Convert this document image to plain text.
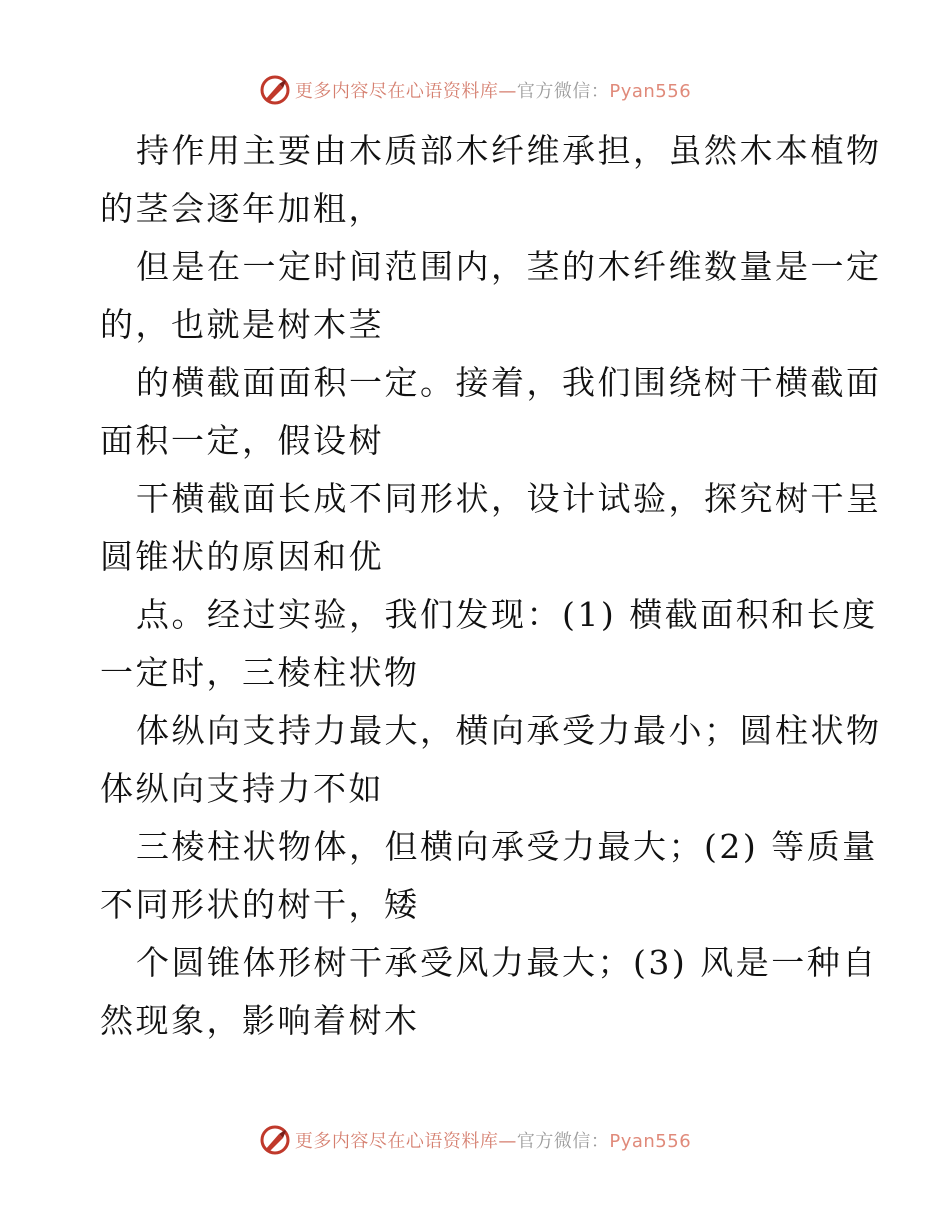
更多内容尽在心语资料库—官方微信：Pyan556
持作用主要由木质部木纤维承担，虽然木本植物
的茎会逐年加粗，
但是在一定时间范围内，茎的木纤维数量是一定
的，也就是树木茎
的横截面面积一定。接着，我们围绕树干横截面
面积一定，假设树
干横截面长成不同形状，设计试验，探究树干呈
圆锥状的原因和优
点。经过实验，我们发现：(1) 横截面积和长度
一定时，三棱柱状物
体纵向支持力最大，横向承受力最小；圆柱状物
体纵向支持力不如
三棱柱状物体，但横向承受力最大；(2) 等质量
不同形状的树干，矮
个圆锥体形树干承受风力最大；(3) 风是一种自
然现象，影响着树木
更多内容尽在心语资料库—官方微信：Pyan556
